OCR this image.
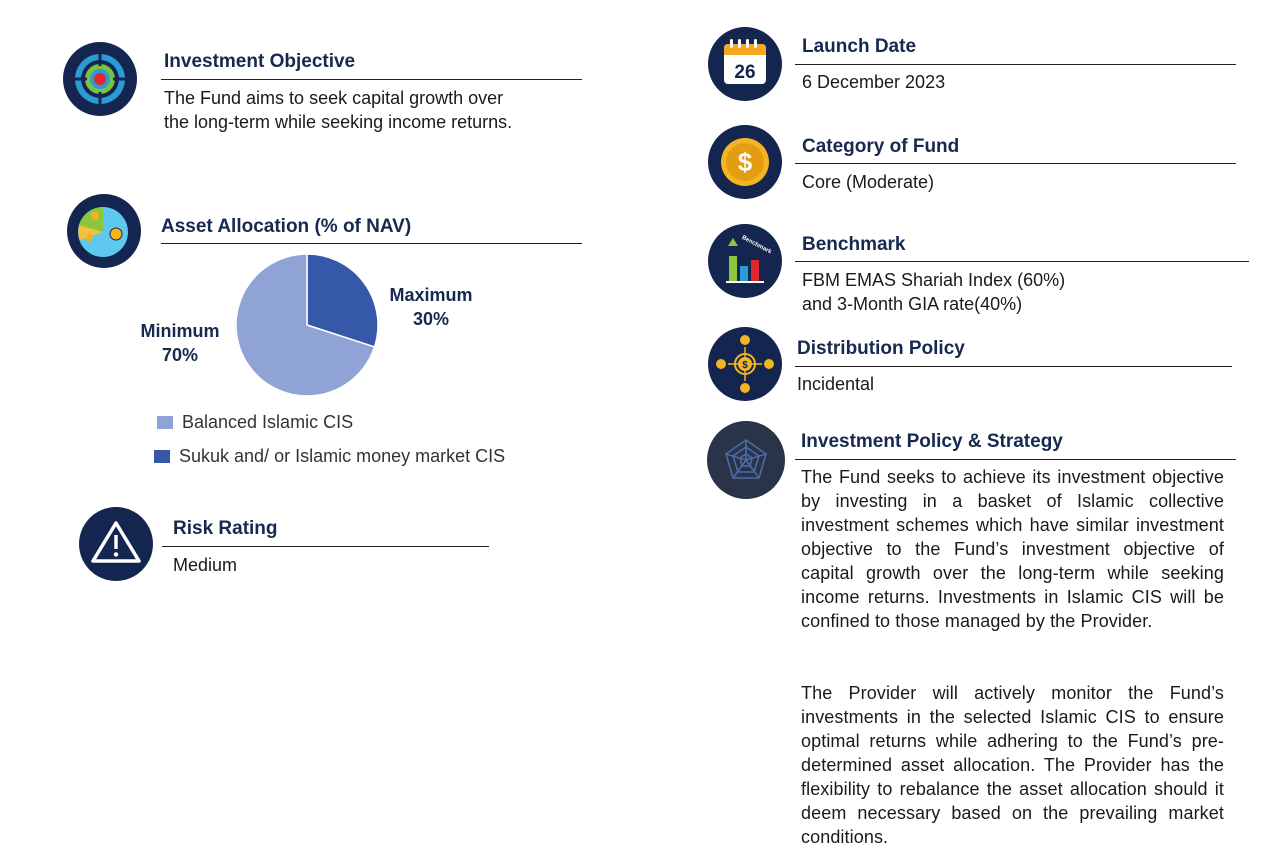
Investment Objective
The Fund aims to seek capital growth over
the long-term while seeking income returns.
Asset Allocation (% of NAV)
Maximum
30%
Minimum
70%
Balanced Islamic CIS
Sukuk and/ or Islamic money market CIS
Risk Rating
Medium
26
Launch Date
6 December 2023
$
Category of Fund
Core (Moderate)
Benchmark Benchmark
FBM EMAS Shariah Index (60%)
and 3-Month GIA rate(40%)
$
Distribution Policy
Incidental
Investment Policy & Strategy
The Fund seeks to achieve its investment objective by investing in a basket of Islamic collective investment schemes which have similar investment objective to the Fund’s investment objective of capital growth over the long-term while seeking income returns. Investments in Islamic CIS will be confined to those managed by the Provider.
The Provider will actively monitor the Fund’s investments in the selected Islamic CIS to ensure optimal returns while adhering to the Fund’s pre-determined asset allocation. The Provider has the flexibility to rebalance the asset allocation should it deem necessary based on the prevailing market conditions.
